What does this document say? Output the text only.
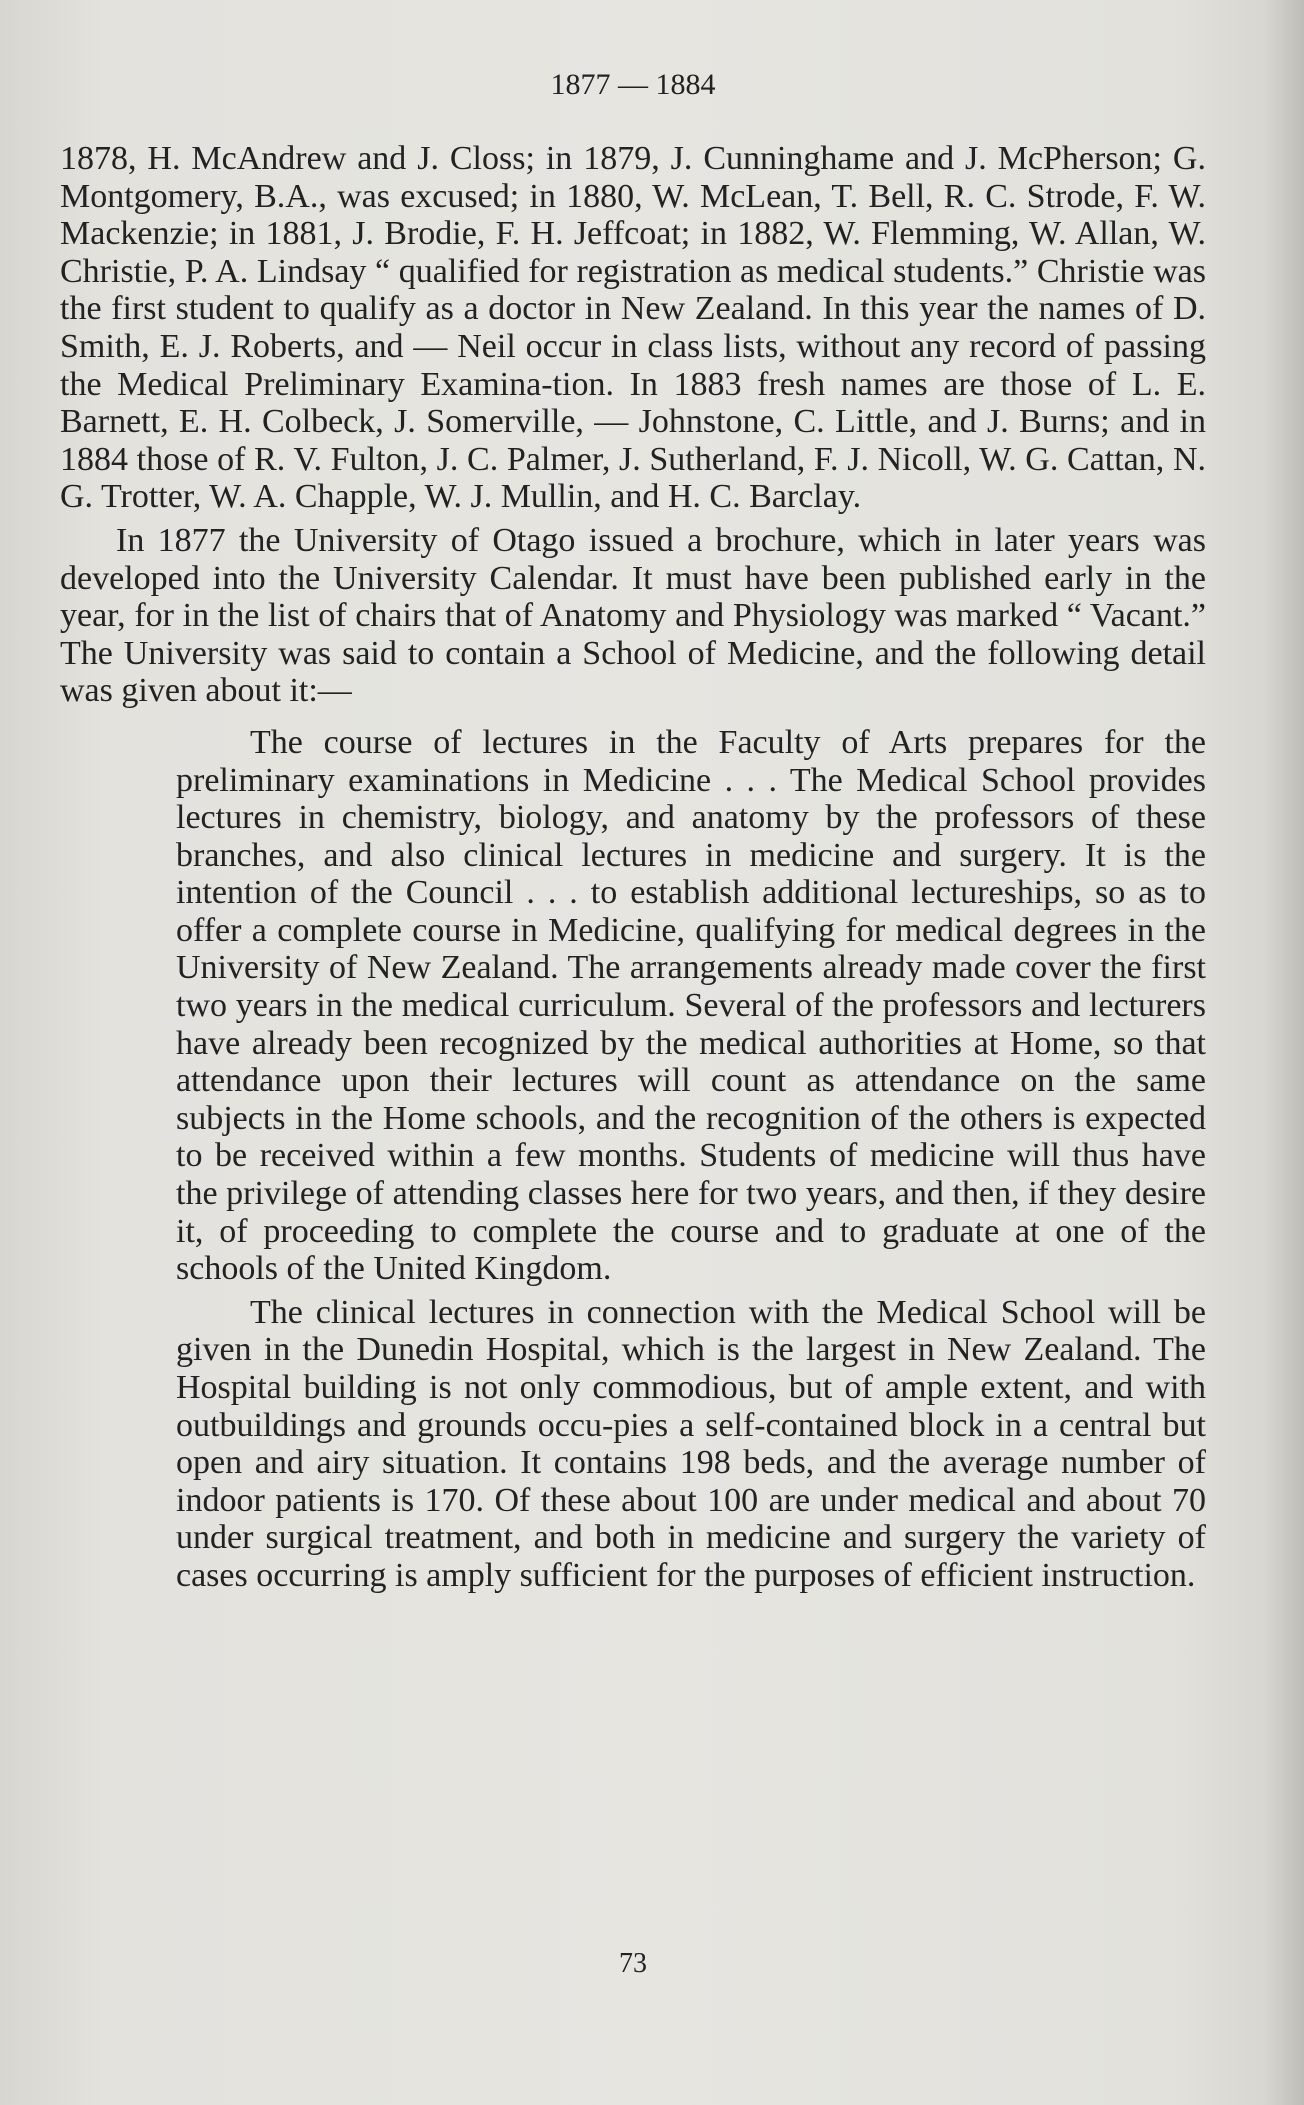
1877 — 1884

1878, H. McAndrew and J. Closs; in 1879, J. Cunninghame and J. McPherson; G. Montgomery, B.A., was excused; in 1880, W. McLean, T. Bell, R. C. Strode, F. W. Mackenzie; in 1881, J. Brodie, F. H. Jeffcoat; in 1882, W. Flemming, W. Allan, W. Christie, P. A. Lindsay “ qualified for registration as medical students.” Christie was the first student to qualify as a doctor in New Zealand. In this year the names of D. Smith, E. J. Roberts, and — Neil occur in class lists, without any record of passing the Medical Preliminary Examina-tion. In 1883 fresh names are those of L. E. Barnett, E. H. Colbeck, J. Somerville, — Johnstone, C. Little, and J. Burns; and in 1884 those of R. V. Fulton, J. C. Palmer, J. Sutherland, F. J. Nicoll, W. G. Cattan, N. G. Trotter, W. A. Chapple, W. J. Mullin, and H. C. Barclay.

In 1877 the University of Otago issued a brochure, which in later years was developed into the University Calendar. It must have been published early in the year, for in the list of chairs that of Anatomy and Physiology was marked “ Vacant.” The University was said to contain a School of Medicine, and the following detail was given about it:—

The course of lectures in the Faculty of Arts prepares for the preliminary examinations in Medicine . . . The Medical School provides lectures in chemistry, biology, and anatomy by the professors of these branches, and also clinical lectures in medicine and surgery. It is the intention of the Council . . . to establish additional lectureships, so as to offer a complete course in Medicine, qualifying for medical degrees in the University of New Zealand. The arrangements already made cover the first two years in the medical curriculum. Several of the professors and lecturers have already been recognized by the medical authorities at Home, so that attendance upon their lectures will count as attendance on the same subjects in the Home schools, and the recognition of the others is expected to be received within a few months. Students of medicine will thus have the privilege of attending classes here for two years, and then, if they desire it, of proceeding to complete the course and to graduate at one of the schools of the United Kingdom.

The clinical lectures in connection with the Medical School will be given in the Dunedin Hospital, which is the largest in New Zealand. The Hospital building is not only commodious, but of ample extent, and with outbuildings and grounds occu-pies a self-contained block in a central but open and airy situation. It contains 198 beds, and the average number of indoor patients is 170. Of these about 100 are under medical and about 70 under surgical treatment, and both in medicine and surgery the variety of cases occurring is amply sufficient for the purposes of efficient instruction.

73
